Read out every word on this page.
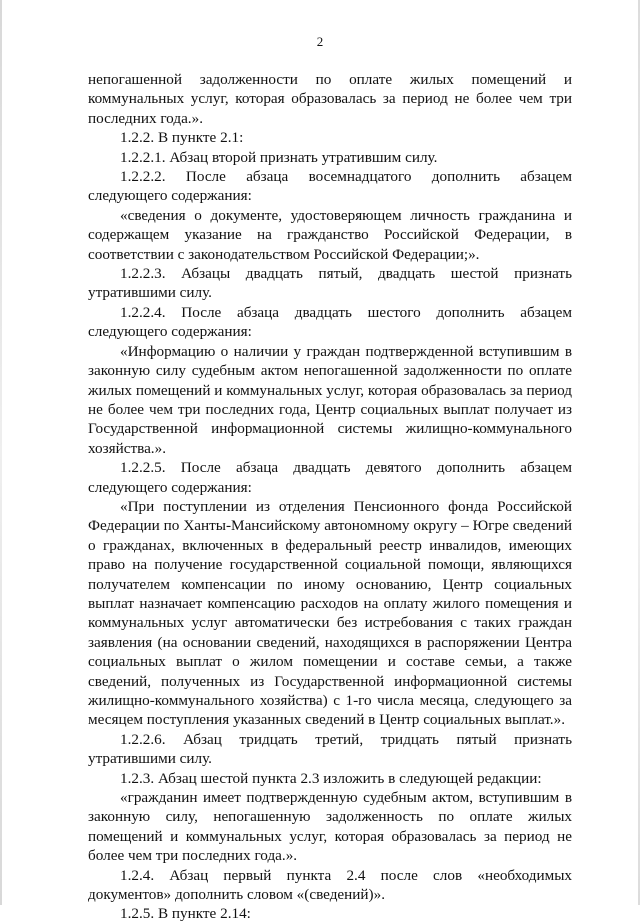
2

непогашенной задолженности по оплате жилых помещений и коммунальных услуг, которая образовалась за период не более чем три последних года.».

1.2.2. В пункте 2.1:

1.2.2.1. Абзац второй признать утратившим силу.

1.2.2.2. После абзаца восемнадцатого дополнить абзацем следующего содержания:

«сведения о документе, удостоверяющем личность гражданина и содержащем указание на гражданство Российской Федерации, в соответствии с законодательством Российской Федерации;».

1.2.2.3. Абзацы двадцать пятый, двадцать шестой признать утратившими силу.

1.2.2.4. После абзаца двадцать шестого дополнить абзацем следующего содержания:

«Информацию о наличии у граждан подтвержденной вступившим в законную силу судебным актом непогашенной задолженности по оплате жилых помещений и коммунальных услуг, которая образовалась за период не более чем три последних года, Центр социальных выплат получает из Государственной информационной системы жилищно-коммунального хозяйства.».

1.2.2.5. После абзаца двадцать девятого дополнить абзацем следующего содержания:

«При поступлении из отделения Пенсионного фонда Российской Федерации по Ханты-Мансийскому автономному округу – Югре сведений о гражданах, включенных в федеральный реестр инвалидов, имеющих право на получение государственной социальной помощи, являющихся получателем компенсации по иному основанию, Центр социальных выплат назначает компенсацию расходов на оплату жилого помещения и коммунальных услуг автоматически без истребования с таких граждан заявления (на основании сведений, находящихся в распоряжении Центра социальных выплат о жилом помещении и составе семьи, а также сведений, полученных из Государственной информационной системы жилищно-коммунального хозяйства) с 1-го числа месяца, следующего за месяцем поступления указанных сведений в Центр социальных выплат.».

1.2.2.6. Абзац тридцать третий, тридцать пятый признать утратившими силу.

1.2.3. Абзац шестой пункта 2.3 изложить в следующей редакции:

«гражданин имеет подтвержденную судебным актом, вступившим в законную силу, непогашенную задолженность по оплате жилых помещений и коммунальных услуг, которая образовалась за период не более чем три последних года.».

1.2.4. Абзац первый пункта 2.4 после слов «необходимых документов» дополнить словом «(сведений)».

1.2.5. В пункте 2.14:
